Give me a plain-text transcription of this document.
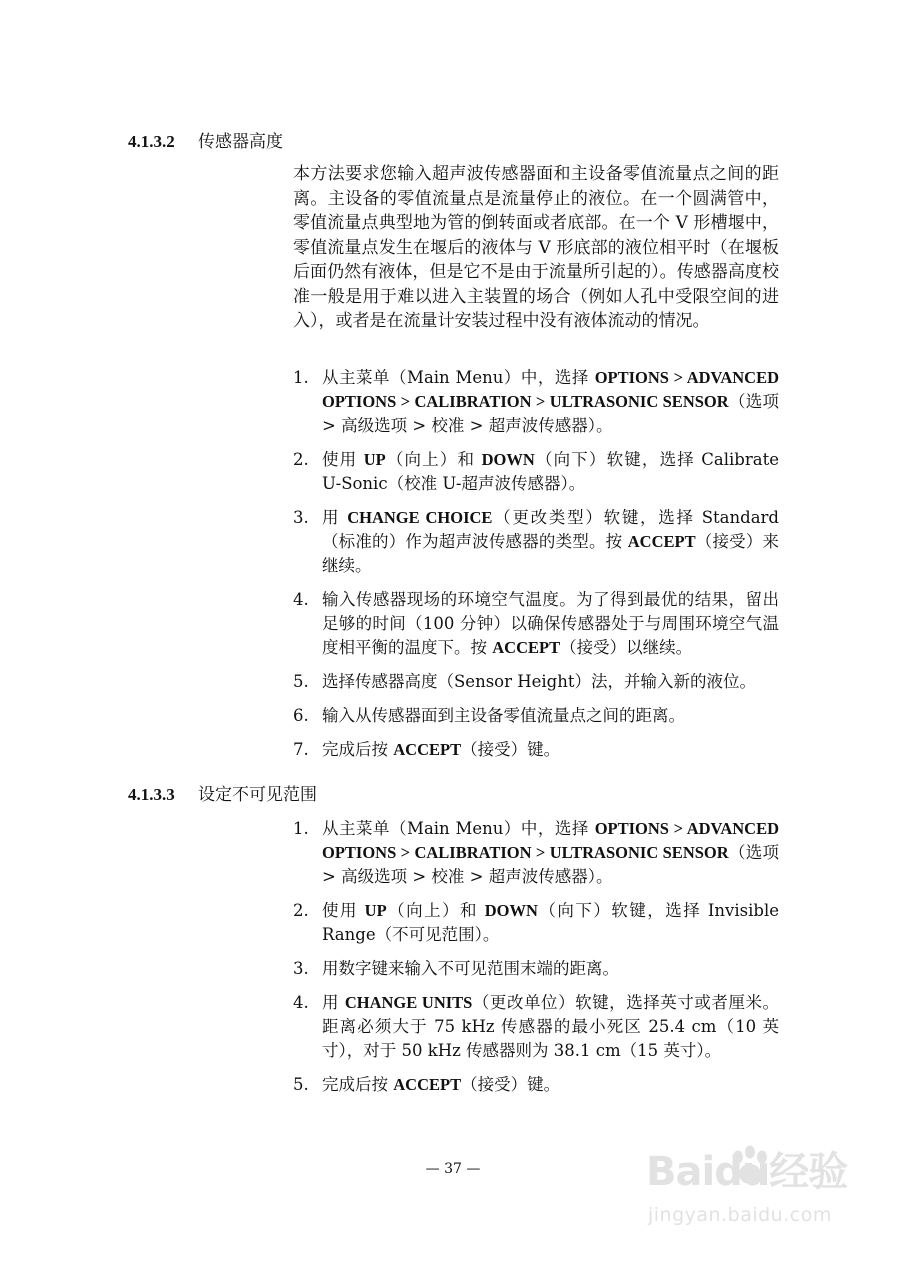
4.1.3.2 传感器高度
本方法要求您输入超声波传感器面和主设备零值流量点之间的距离。主设备的零值流量点是流量停止的液位。在一个圆满管中，零值流量点典型地为管的倒转面或者底部。在一个 V 形槽堰中，零值流量点发生在堰后的液体与 V 形底部的液位相平时（在堰板后面仍然有液体，但是它不是由于流量所引起的）。传感器高度校准一般是用于难以进入主装置的场合（例如人孔中受限空间的进入），或者是在流量计安装过程中没有液体流动的情况。
1. 从主菜单（Main Menu）中，选择 OPTIONS > ADVANCED OPTIONS > CALIBRATION > ULTRASONIC SENSOR（选项 > 高级选项 > 校准 > 超声波传感器）。
2. 使用 UP（向上）和 DOWN（向下）软键，选择 Calibrate U-Sonic（校准 U-超声波传感器）。
3. 用 CHANGE CHOICE（更改类型）软键，选择 Standard（标准的）作为超声波传感器的类型。按 ACCEPT（接受）来继续。
4. 输入传感器现场的环境空气温度。为了得到最优的结果，留出足够的时间（100 分钟）以确保传感器处于与周围环境空气温度相平衡的温度下。按 ACCEPT（接受）以继续。
5. 选择传感器高度（Sensor Height）法，并输入新的液位。
6. 输入从传感器面到主设备零值流量点之间的距离。
7. 完成后按 ACCEPT（接受）键。
4.1.3.3 设定不可见范围
1. 从主菜单（Main Menu）中，选择 OPTIONS > ADVANCED OPTIONS > CALIBRATION > ULTRASONIC SENSOR（选项 > 高级选项 > 校准 > 超声波传感器）。
2. 使用 UP（向上）和 DOWN（向下）软键，选择 Invisible Range（不可见范围）。
3. 用数字键来输入不可见范围末端的距离。
4. 用 CHANGE UNITS（更改单位）软键，选择英寸或者厘米。距离必须大于 75 kHz 传感器的最小死区 25.4 cm（10 英寸），对于 50 kHz 传感器则为 38.1 cm（15 英寸）。
5. 完成后按 ACCEPT（接受）键。
— 37 —	Baidu经验
jingyan.baidu.com
